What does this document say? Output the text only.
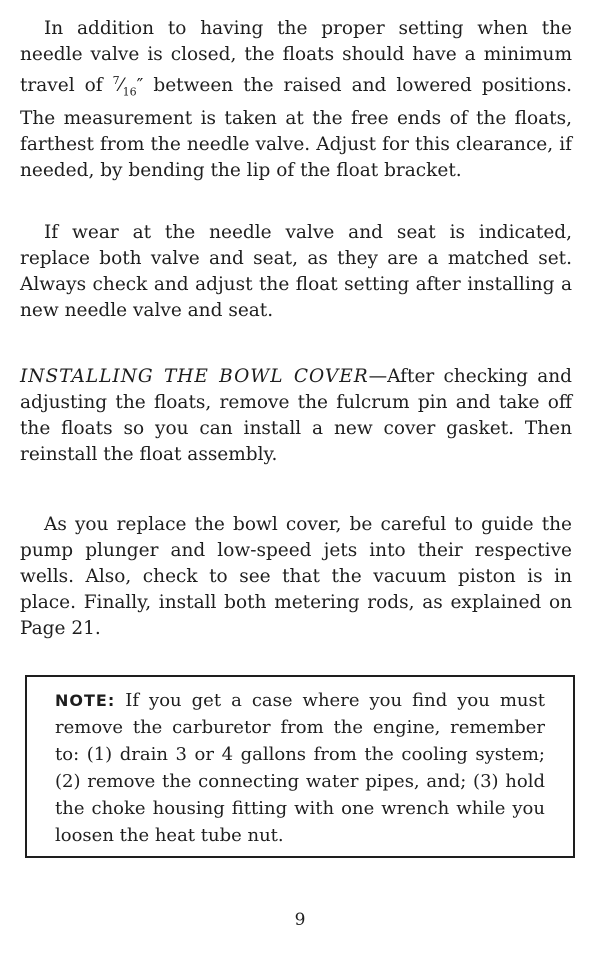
In addition to having the proper setting when the needle valve is closed, the floats should have a minimum travel of $^7⁄_{16}''$ between the raised and lowered positions. The measurement is taken at the free ends of the floats, farthest from the needle valve. Adjust for this clearance, if needed, by bending the lip of the float bracket.

If wear at the needle valve and seat is indicated, replace both valve and seat, as they are a matched set. Always check and adjust the float setting after installing a new needle valve and seat.

INSTALLING THE BOWL COVER—After checking and adjusting the floats, remove the fulcrum pin and take off the floats so you can install a new cover gasket. Then reinstall the float assembly.

As you replace the bowl cover, be careful to guide the pump plunger and low-speed jets into their respective wells. Also, check to see that the vacuum piston is in place. Finally, install both metering rods, as explained on Page 21.

NOTE: If you get a case where you find you must remove the carburetor from the engine, remember to: (1) drain 3 or 4 gallons from the cooling system; (2) remove the connecting water pipes, and; (3) hold the choke housing fitting with one wrench while you loosen the heat tube nut.

9
